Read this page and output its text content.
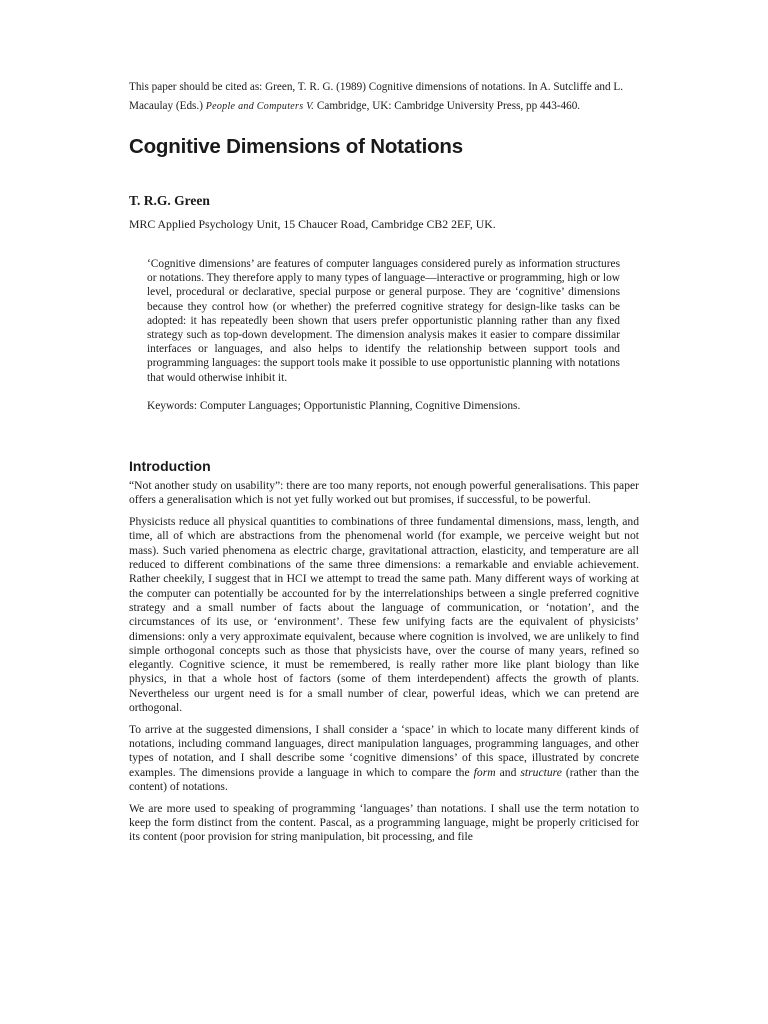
This paper should be cited as: Green, T. R. G. (1989) Cognitive dimensions of notations. In A. Sutcliffe and L. Macaulay (Eds.) People and Computers V. Cambridge, UK: Cambridge University Press, pp 443-460.

Cognitive Dimensions of Notations
T. R.G. Green
MRC Applied Psychology Unit, 15 Chaucer Road, Cambridge CB2 2EF, UK.

‘Cognitive dimensions’ are features of computer languages considered purely as information structures or notations. They therefore apply to many types of language—interactive or programming, high or low level, procedural or declarative, special purpose or general purpose. They are ‘cognitive’ dimensions because they control how (or whether) the preferred cognitive strategy for design-like tasks can be adopted: it has repeatedly been shown that users prefer opportunistic planning rather than any fixed strategy such as top-down development. The dimension analysis makes it easier to compare dissimilar interfaces or languages, and also helps to identify the relationship between support tools and programming languages: the support tools make it possible to use opportunistic planning with notations that would otherwise inhibit it.

Keywords: Computer Languages; Opportunistic Planning, Cognitive Dimensions.
Introduction

“Not another study on usability”: there are too many reports, not enough powerful generalisations. This paper offers a generalisation which is not yet fully worked out but promises, if successful, to be powerful.

Physicists reduce all physical quantities to combinations of three fundamental dimensions, mass, length, and time, all of which are abstractions from the phenomenal world (for example, we perceive weight but not mass). Such varied phenomena as electric charge, gravitational attraction, elasticity, and temperature are all reduced to different combinations of the same three dimensions: a remarkable and enviable achievement. Rather cheekily, I suggest that in HCI we attempt to tread the same path. Many different ways of working at the computer can potentially be accounted for by the interrelationships between a single preferred cognitive strategy and a small number of facts about the language of communication, or ‘notation’, and the circumstances of its use, or ‘environment’. These few unifying facts are the equivalent of physicists’ dimensions: only a very approximate equivalent, because where cognition is involved, we are unlikely to find simple orthogonal concepts such as those that physicists have, over the course of many years, refined so elegantly. Cognitive science, it must be remembered, is really rather more like plant biology than like physics, in that a whole host of factors (some of them interdependent) affects the growth of plants. Nevertheless our urgent need is for a small number of clear, powerful ideas, which we can pretend are orthogonal.

To arrive at the suggested dimensions, I shall consider a ‘space’ in which to locate many different kinds of notations, including command languages, direct manipulation languages, programming languages, and other types of notation, and I shall describe some ‘cognitive dimensions’ of this space, illustrated by concrete examples. The dimensions provide a language in which to compare the form and structure (rather than the content) of notations.

We are more used to speaking of programming ‘languages’ than notations. I shall use the term notation to keep the form distinct from the content. Pascal, as a programming language, might be properly criticised for its content (poor provision for string manipulation, bit processing, and file
